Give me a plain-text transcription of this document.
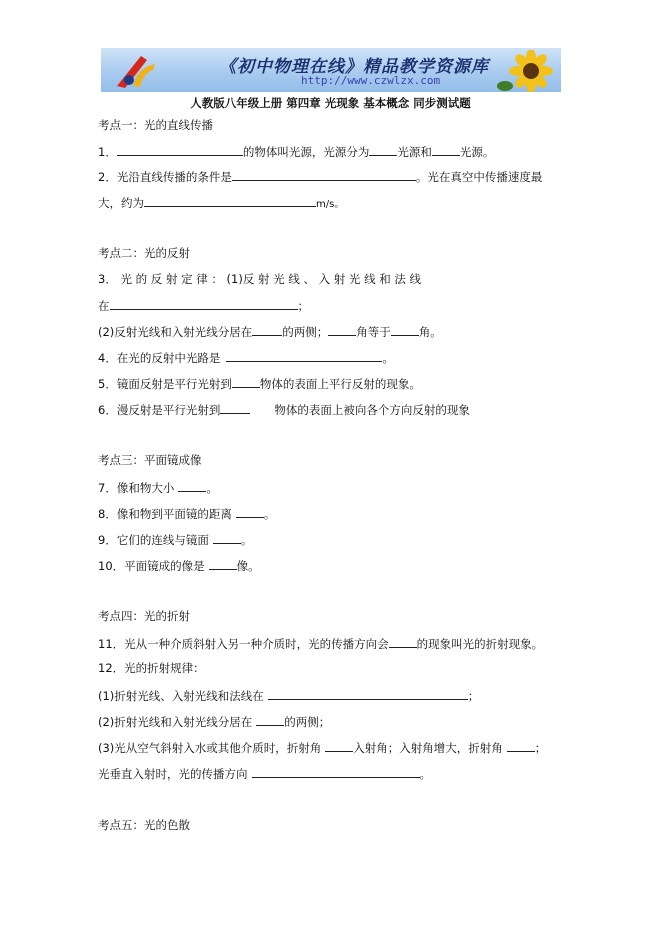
《初中物理在线》精品教学资源库
http://www.czwlzx.com
人教版八年级上册 第四章 光现象 基本概念 同步测试题
考点一：光的直线传播
1．	的物体叫光源，光源分为 光源和 光源。
2．光沿直线传播的条件是	。光在真空中传播速度最
大，约为	m/s。
考点二：光的反射
3． 光 的 反 射 定 律 ： (1)反 射 光 线 、 入 射 光 线 和 法 线
在	；
(2)反射光线和入射光线分居在	的两侧； 角等于 角。
4．在光的反射中光路是	。
5．镜面反射是平行光射到 物体的表面上平行反射的现象。
6．漫反射是平行光射到	物体的表面上被向各个方向反射的现象
考点三：平面镜成像
7．像和物大小	。
8．像和物到平面镜的距离	。
9．它们的连线与镜面	。
10．平面镜成的像是	像。
考点四：光的折射
11．光从一种介质斜射入另一种介质时，光的传播方向会 的现象叫光的折射现象。
12．光的折射规律：
(1)折射光线、入射光线和法线在	；
(2)折射光线和入射光线分居在	的两侧；
(3)光从空气斜射入水或其他介质时，折射角	入射角；入射角增大，折射角	；
光垂直入射时，光的传播方向	。
考点五：光的色散
